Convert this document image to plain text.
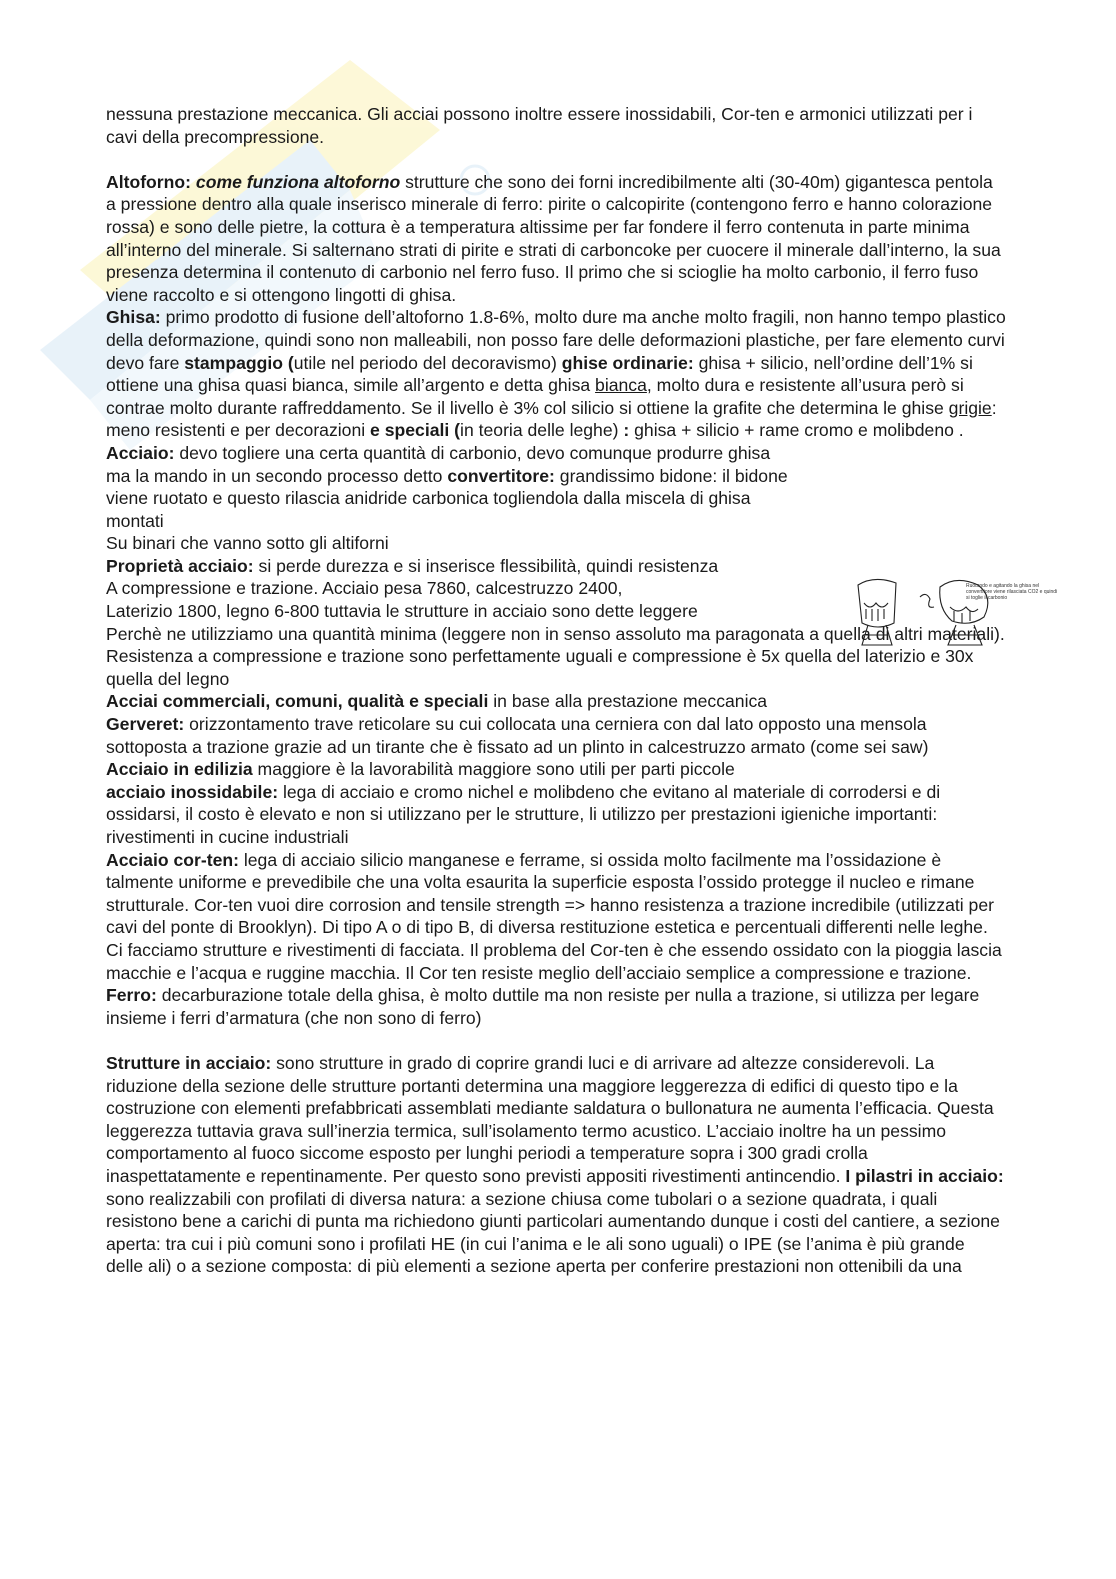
nessuna prestazione meccanica. Gli acciai possono inoltre essere inossidabili, Cor-ten e armonici utilizzati per i cavi della precompressione.

Altoforno: come funziona altoforno strutture che sono dei forni incredibilmente alti (30-40m) gigantesca pentola a pressione dentro alla quale inserisco minerale di ferro: pirite o calcopirite (contengono ferro e hanno colorazione rossa) e sono delle pietre, la cottura è a temperatura altissime per far fondere il ferro contenuta in parte minima all’interno del minerale. Si salternano strati di pirite e strati di carboncoke per cuocere il minerale dall’interno, la sua presenza determina il contenuto di carbonio nel ferro fuso. Il primo che si scioglie ha molto carbonio, il ferro fuso viene raccolto e si ottengono lingotti di ghisa.

Ghisa: primo prodotto di fusione dell’altoforno 1.8-6%, molto dure ma anche molto fragili, non hanno tempo plastico della deformazione, quindi sono non malleabili, non posso fare delle deformazioni plastiche, per fare elemento curvi devo fare stampaggio (utile nel periodo del decoravismo) ghise ordinarie: ghisa + silicio, nell’ordine dell’1% si ottiene una ghisa quasi bianca, simile all’argento e detta ghisa bianca, molto dura e resistente all’usura però si contrae molto durante raffreddamento. Se il livello è 3% col silicio si ottiene la grafite che determina le ghise grigie: meno resistenti e per decorazioni e speciali (in teoria delle leghe) : ghisa + silicio + rame cromo e molibdeno .

Acciaio: devo togliere una certa quantità di carbonio, devo comunque produrre ghisa ma la mando in un secondo processo detto convertitore: grandissimo bidone: il bidone viene ruotato e questo rilascia anidride carbonica togliendola dalla miscela di ghisa montati

Su binari che vanno sotto gli altiforni

Proprietà acciaio: si perde durezza e si inserisce flessibilità, quindi resistenza

A compressione e trazione. Acciaio pesa 7860, calcestruzzo 2400,

Laterizio 1800, legno 6-800 tuttavia le strutture in acciaio sono dette leggere

Perchè ne utilizziamo una quantità minima (leggere non in senso assoluto ma paragonata a quella di altri materiali). Resistenza a compressione e trazione sono perfettamente uguali e compressione è 5x quella del laterizio e 30x quella del legno

Acciai commerciali, comuni, qualità e speciali in base alla prestazione meccanica

Gerveret: orizzontamento trave reticolare su cui collocata una cerniera con dal lato opposto una mensola sottoposta a trazione grazie ad un tirante che è fissato ad un plinto in calcestruzzo armato (come sei saw)

Acciaio in edilizia maggiore è la lavorabilità maggiore sono utili per parti piccole

acciaio inossidabile: lega di acciaio e cromo nichel e molibdeno che evitano al materiale di corrodersi e di ossidarsi, il costo è elevato e non si utilizzano per le strutture, li utilizzo per prestazioni igieniche importanti: rivestimenti in cucine industriali

Acciaio cor-ten: lega di acciaio silicio manganese e ferrame, si ossida molto facilmente ma l’ossidazione è talmente uniforme e prevedibile che una volta esaurita la superficie esposta l’ossido protegge il nucleo e rimane strutturale. Cor-ten vuoi dire corrosion and tensile strength => hanno resistenza a trazione incredibile (utilizzati per cavi del ponte di Brooklyn). Di tipo A o di tipo B, di diversa restituzione estetica e percentuali differenti nelle leghe. Ci facciamo strutture e rivestimenti di facciata. Il problema del Cor-ten è che essendo ossidato con la pioggia lascia macchie e l’acqua e ruggine macchia. Il Cor ten resiste meglio dell’acciaio semplice a compressione e trazione.

Ferro: decarburazione totale della ghisa, è molto duttile ma non resiste per nulla a trazione, si utilizza per legare insieme i ferri d’armatura (che non sono di ferro)

Strutture in acciaio: sono strutture in grado di coprire grandi luci e di arrivare ad altezze considerevoli. La riduzione della sezione delle strutture portanti determina una maggiore leggerezza di edifici di questo tipo e la costruzione con elementi prefabbricati assemblati mediante saldatura o bullonatura ne aumenta l’efficacia. Questa leggerezza tuttavia grava sull’inerzia termica, sull’isolamento termo acustico. L’acciaio inoltre ha un pessimo comportamento al fuoco siccome esposto per lunghi periodi a temperature sopra i 300 gradi crolla inaspettatamente e repentinamente. Per questo sono previsti appositi rivestimenti antincendio. I pilastri in acciaio: sono realizzabili con profilati di diversa natura: a sezione chiusa come tubolari o a sezione quadrata, i quali resistono bene a carichi di punta ma richiedono giunti particolari aumentando dunque i costi del cantiere, a sezione aperta: tra cui i più comuni sono i profilati HE (in cui l’anima e le ali sono uguali) o IPE (se l’anima è più grande delle ali) o a sezione composta: di più elementi a sezione aperta per conferire prestazioni non ottenibili da una

Ruotando e agitando la ghisa nel convertitore viene rilasciata CO2 e quindi si toglie il carbonio
